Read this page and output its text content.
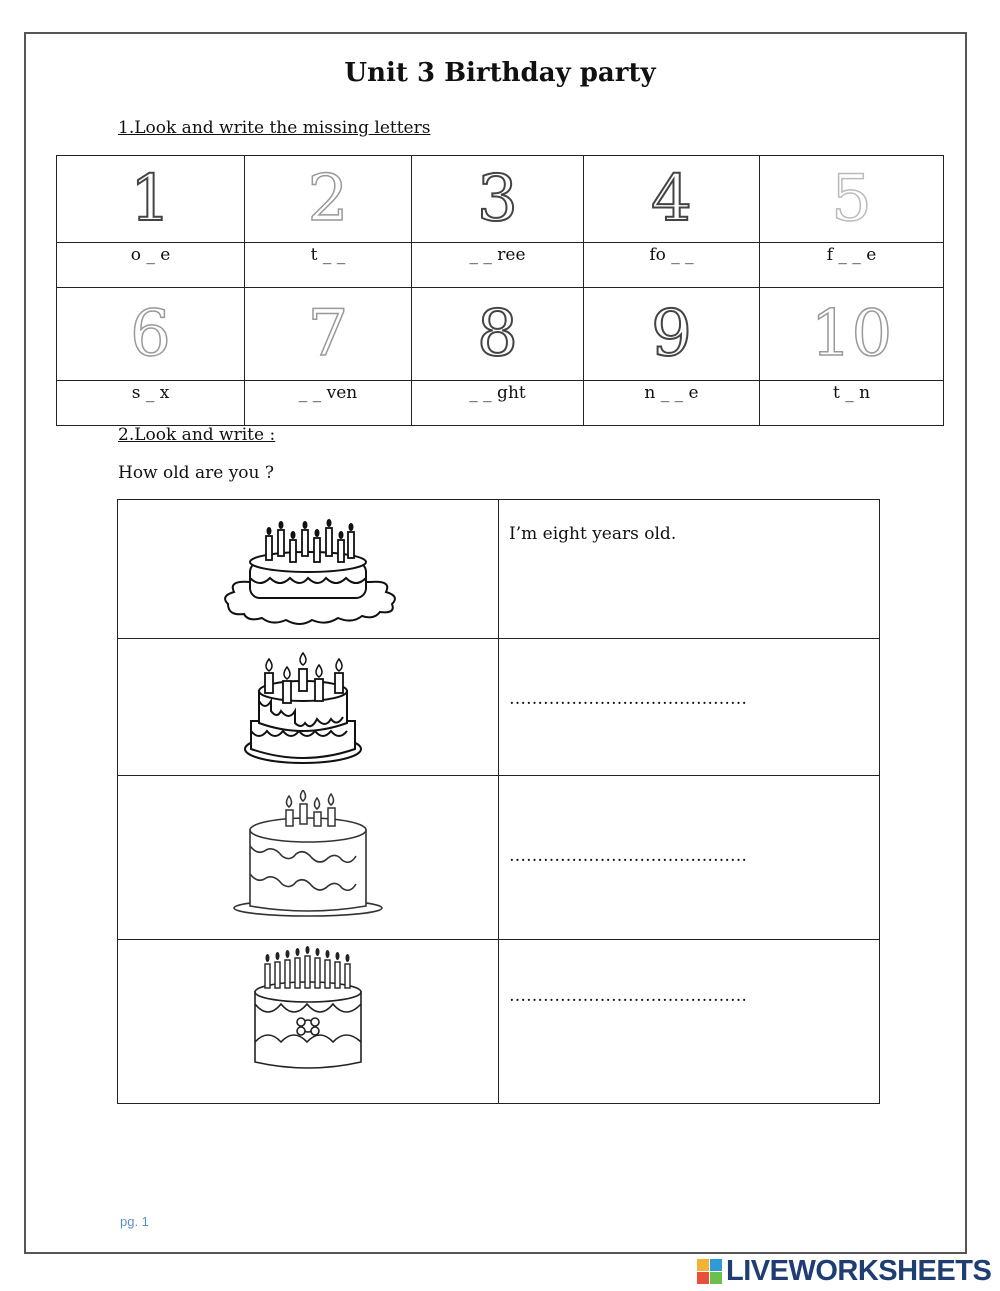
Unit 3 Birthday party
1.Look and write the missing letters
1	2	3	4	5
o _ e	t _ _	_ _ ree	fo _ _	f _ _ e
6	7	8	9	10
s _ x	_ _ ven	_ _ ght	n _ _ e	t _ n
2.Look and write :
How old are you ?

I’m eight years old.

……………………………………

……………………………………

……………………………………
pg. 1
LIVEWORKSHEETS
